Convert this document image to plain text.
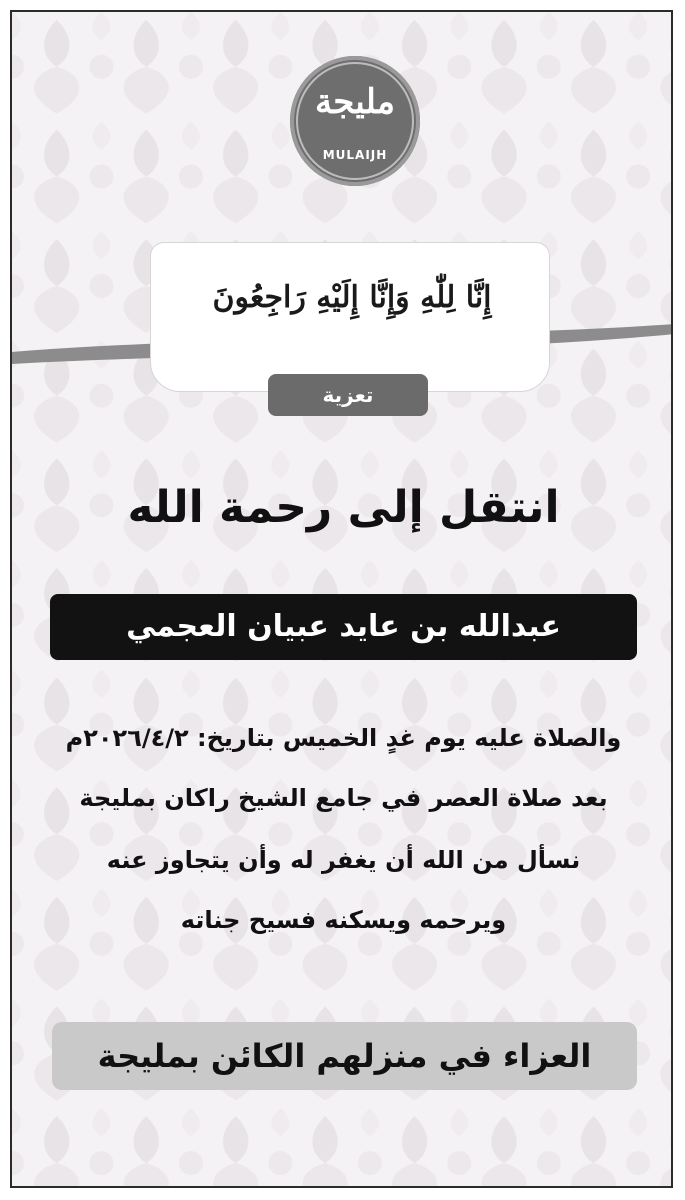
مليجة
MULAIJH
إِنَّا لِلّٰهِ وَإِنَّا إِلَيْهِ رَاجِعُونَ
تعزية
انتقل إلى رحمة الله
عبدالله بن عايد عبيان العجمي
والصلاة عليه يوم غدٍ الخميس بتاريخ: ٢٠٢٦/٤/٢م
بعد صلاة العصر في جامع الشيخ راكان بمليجة
نسأل من الله أن يغفر له وأن يتجاوز عنه
ويرحمه ويسكنه فسيح جناته
العزاء في منزلهم الكائن بمليجة
